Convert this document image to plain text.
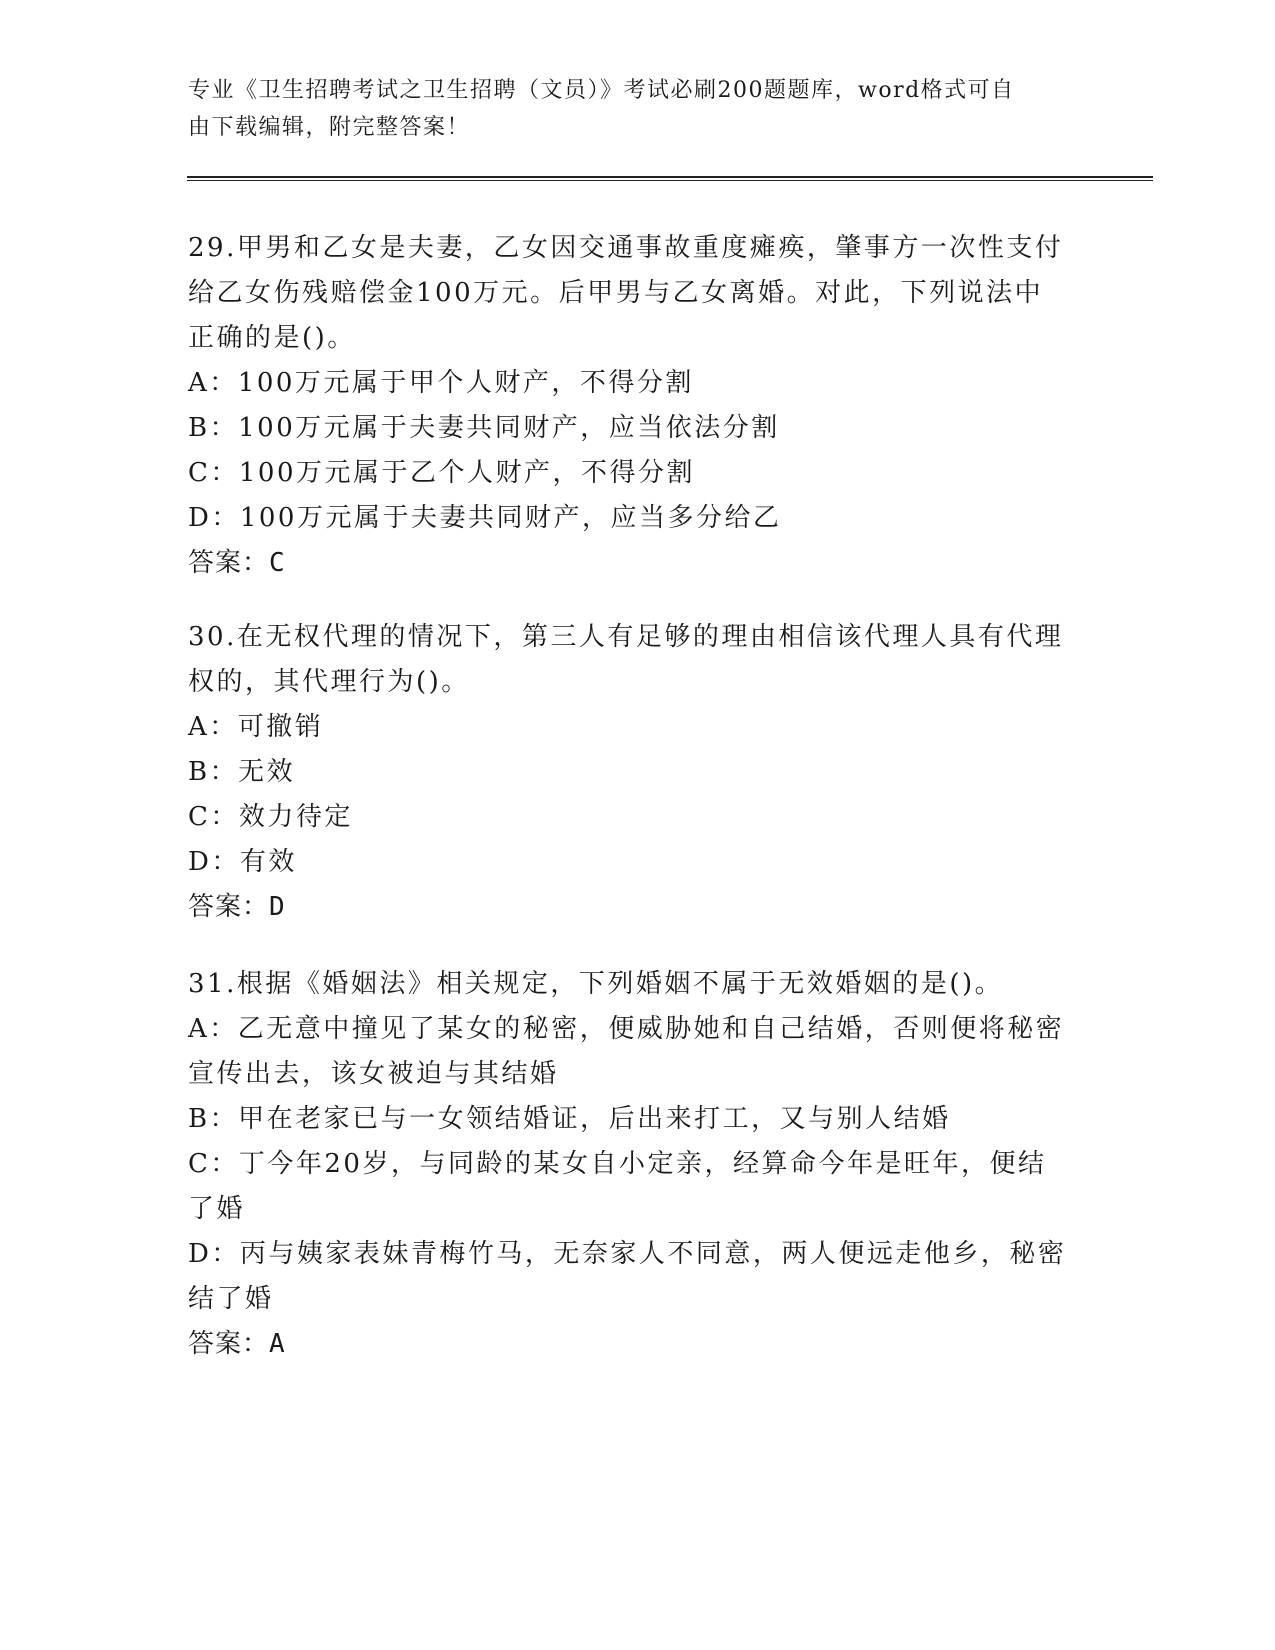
专业《卫生招聘考试之卫生招聘（文员）》考试必刷200题题库，word格式可自
由下载编辑，附完整答案！

29.甲男和乙女是夫妻，乙女因交通事故重度瘫痪，肇事方一次性支付

给乙女伤残赔偿金100万元。后甲男与乙女离婚。对此，下列说法中

正确的是()。

A：100万元属于甲个人财产，不得分割

B：100万元属于夫妻共同财产，应当依法分割

C：100万元属于乙个人财产，不得分割

D：100万元属于夫妻共同财产，应当多分给乙

答案：C

30.在无权代理的情况下，第三人有足够的理由相信该代理人具有代理

权的，其代理行为()。

A：可撤销

B：无效

C：效力待定

D：有效

答案：D

31.根据《婚姻法》相关规定，下列婚姻不属于无效婚姻的是()。

A：乙无意中撞见了某女的秘密，便威胁她和自己结婚，否则便将秘密

宣传出去，该女被迫与其结婚

B：甲在老家已与一女领结婚证，后出来打工，又与别人结婚

C：丁今年20岁，与同龄的某女自小定亲，经算命今年是旺年，便结

了婚

D：丙与姨家表妹青梅竹马，无奈家人不同意，两人便远走他乡，秘密

结了婚

答案：A
